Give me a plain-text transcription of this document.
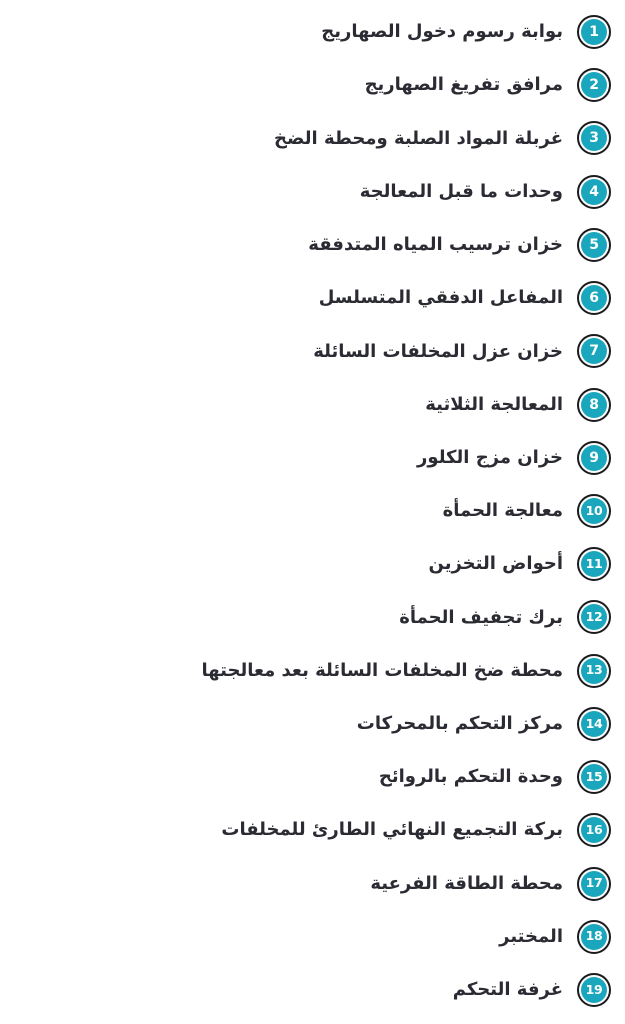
1
بوابة رسوم دخول الصهاريج
2
مرافق تفريغ الصهاريج
3
غربلة المواد الصلبة ومحطة الضخ
4
وحدات ما قبل المعالجة
5
خزان ترسيب المياه المتدفقة
6
المفاعل الدفقي المتسلسل
7
خزان عزل المخلفات السائلة
8
المعالجة الثلاثية
9
خزان مزج الكلور
10
معالجة الحمأة
11
أحواض التخزين
12
برك تجفيف الحمأة
13
محطة ضخ المخلفات السائلة بعد معالجتها
14
مركز التحكم بالمحركات
15
وحدة التحكم بالروائح
16
بركة التجميع النهائي الطارئ للمخلفات
17
محطة الطاقة الفرعية
18
المختبر
19
غرفة التحكم
